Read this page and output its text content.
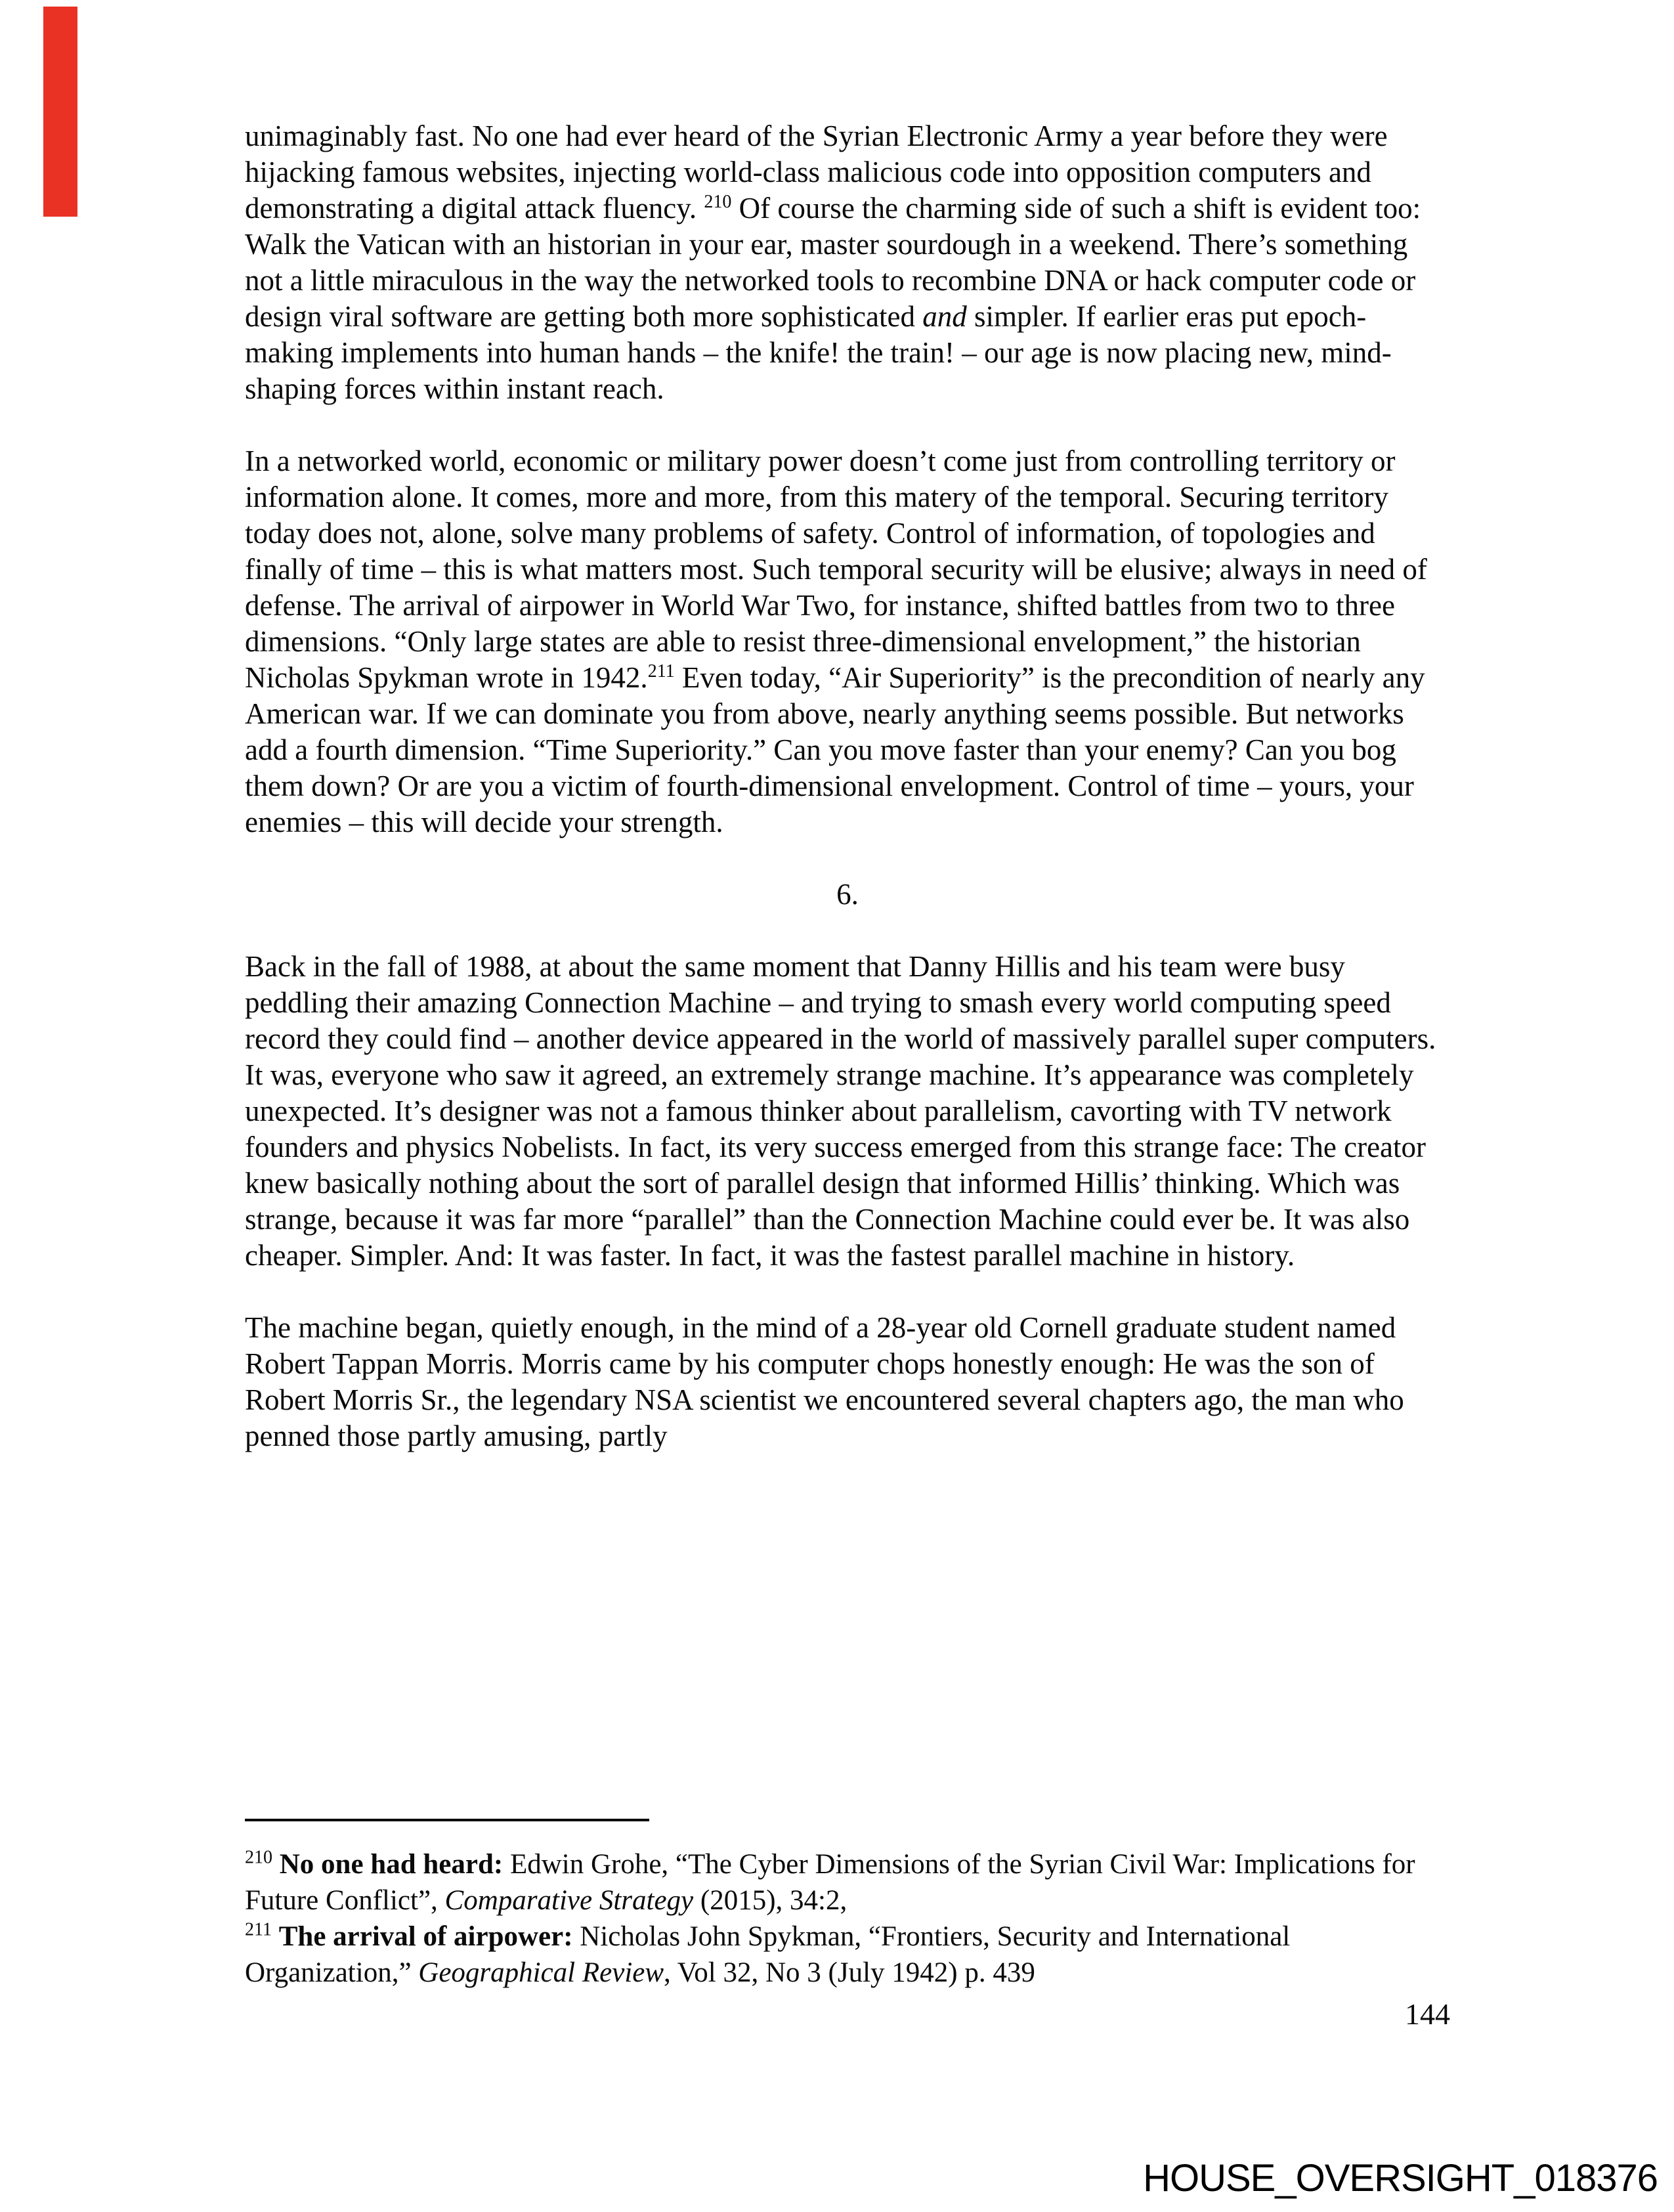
unimaginably fast. No one had ever heard of the Syrian Electronic Army a year before they were hijacking famous websites, injecting world-class malicious code into opposition computers and demonstrating a digital attack fluency. $^{210}$ Of course the charming side of such a shift is evident too: Walk the Vatican with an historian in your ear, master sourdough in a weekend. There’s something not a little miraculous in the way the networked tools to recombine DNA or hack computer code or design viral software are getting both more sophisticated and simpler. If earlier eras put epoch-making implements into human hands – the knife! the train! – our age is now placing new, mind-shaping forces within instant reach.

In a networked world, economic or military power doesn’t come just from controlling territory or information alone. It comes, more and more, from this matery of the temporal. Securing territory today does not, alone, solve many problems of safety. Control of information, of topologies and finally of time – this is what matters most. Such temporal security will be elusive; always in need of defense. The arrival of airpower in World War Two, for instance, shifted battles from two to three dimensions. “Only large states are able to resist three-dimensional envelopment,” the historian Nicholas Spykman wrote in 1942.$^{211}$ Even today, “Air Superiority” is the precondition of nearly any American war. If we can dominate you from above, nearly anything seems possible. But networks add a fourth dimension. “Time Superiority.” Can you move faster than your enemy? Can you bog them down? Or are you a victim of fourth-dimensional envelopment. Control of time – yours, your enemies – this will decide your strength.

6.

Back in the fall of 1988, at about the same moment that Danny Hillis and his team were busy peddling their amazing Connection Machine – and trying to smash every world computing speed record they could find – another device appeared in the world of massively parallel super computers. It was, everyone who saw it agreed, an extremely strange machine. It’s appearance was completely unexpected. It’s designer was not a famous thinker about parallelism, cavorting with TV network founders and physics Nobelists. In fact, its very success emerged from this strange face: The creator knew basically nothing about the sort of parallel design that informed Hillis’ thinking. Which was strange, because it was far more “parallel” than the Connection Machine could ever be. It was also cheaper. Simpler. And: It was faster. In fact, it was the fastest parallel machine in history.

The machine began, quietly enough, in the mind of a 28-year old Cornell graduate student named Robert Tappan Morris. Morris came by his computer chops honestly enough: He was the son of Robert Morris Sr., the legendary NSA scientist we encountered several chapters ago, the man who penned those partly amusing, partly

$^{210}$ No one had heard: Edwin Grohe, “The Cyber Dimensions of the Syrian Civil War: Implications for Future Conflict”, Comparative Strategy (2015), 34:2,

$^{211}$ The arrival of airpower: Nicholas John Spykman, “Frontiers, Security and International Organization,” Geographical Review, Vol 32, No 3 (July 1942) p. 439

144
HOUSE_OVERSIGHT_018376
